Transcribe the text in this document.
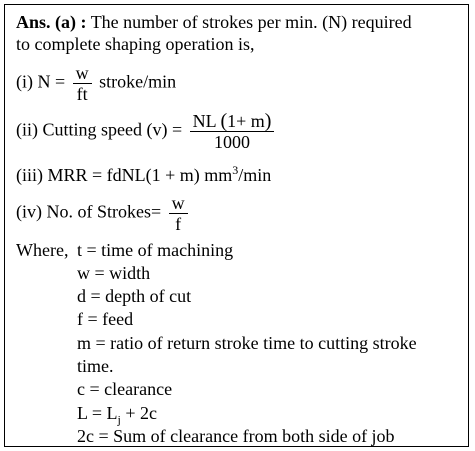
Ans. (a) : The number of strokes per min. (N) required
to complete shaping operation is,
(i) $N = \frac{w}{ft}$ stroke/min
(ii) Cutting speed $(v) = \frac{NL (1+ m)}{1000}$
(iii) MRR = fdNL(1 + m) $mm^3/\min$
(iv) No. of Strokes= $\frac{w}{f}$
Where, t = time of machining
w = width
d = depth of cut
f = feed
m = ratio of return stroke time to cutting stroke
time.
c = clearance
$L = L_j + 2c$
2c = Sum of clearance from both side of job
